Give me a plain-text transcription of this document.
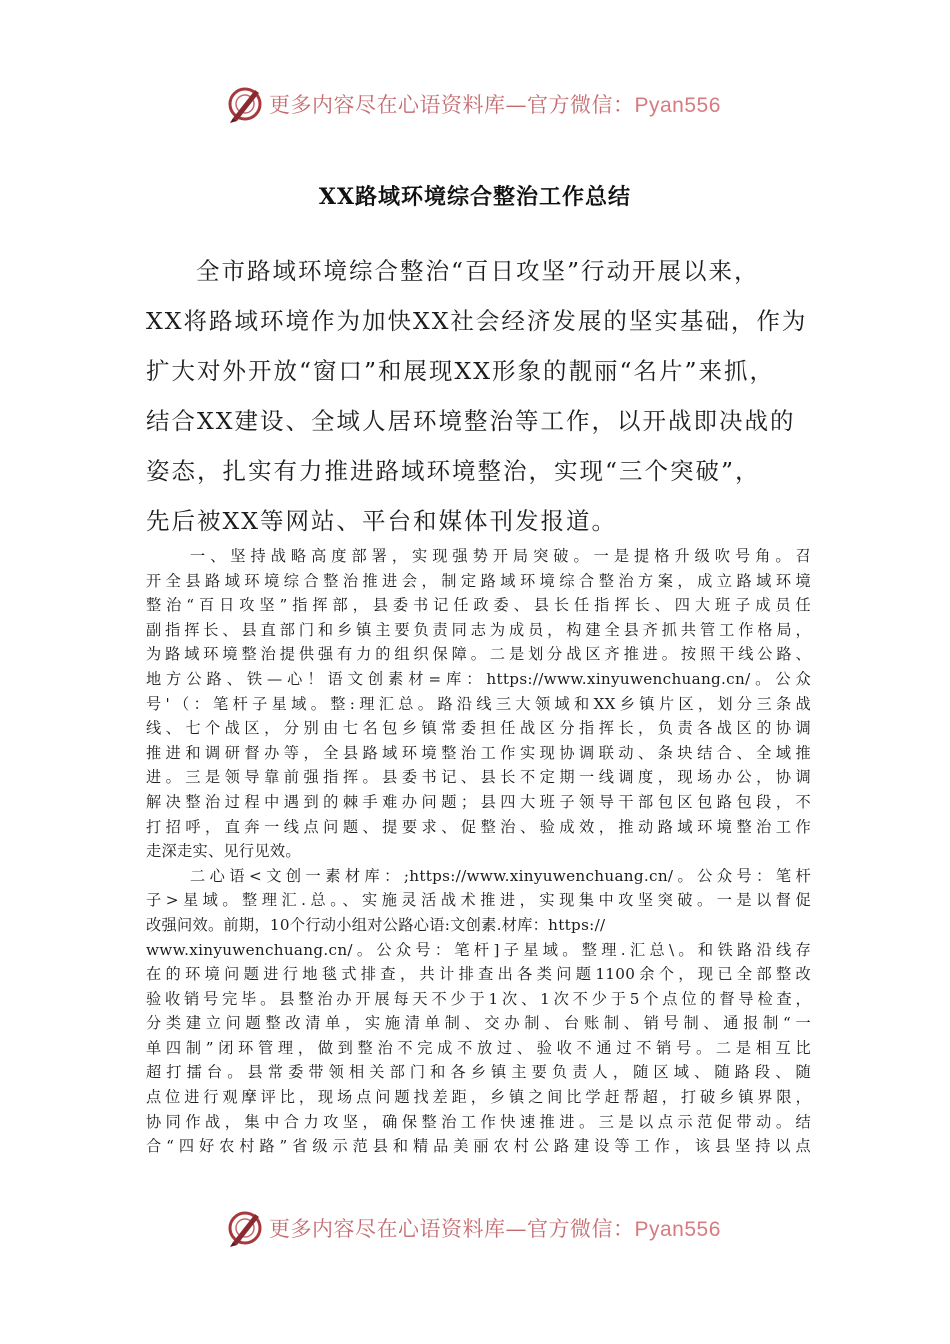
更多内容尽在心语资料库—官方微信：Pyan556
XX路域环境综合整治工作总结
全市路域环境综合整治“百日攻坚”行动开展以来，
XX将路域环境作为加快XX社会经济发展的坚实基础，作为
扩大对外开放“窗口”和展现XX形象的靓丽“名片”来抓，
结合XX建设、全域人居环境整治等工作，以开战即决战的
姿态，扎实有力推进路域环境整治，实现“三个突破”，
先后被XX等网站、平台和媒体刊发报道。
一、坚持战略高度部署，实现强势开局突破。一是提格升级吹号角。召
开全县路域环境综合整治推进会，制定路域环境综合整治方案，成立路域环境
整治“百日攻坚”指挥部，县委书记任政委、县长任指挥长、四大班子成员任
副指挥长、县直部门和乡镇主要负责同志为成员，构建全县齐抓共管工作格局，
为路域环境整治提供强有力的组织保障。二是划分战区齐推进。按照干线公路、
地方公路、铁—心！语文创素材=库：https://www.xinyuwenchuang.cn/。公众
号'（：笔杆子星域。整:理汇总。路沿线三大领域和XX乡镇片区，划分三条战
线、七个战区，分别由七名包乡镇常委担任战区分指挥长，负责各战区的协调
推进和调研督办等，全县路域环境整治工作实现协调联动、条块结合、全域推
进。三是领导靠前强指挥。县委书记、县长不定期一线调度，现场办公，协调
解决整治过程中遇到的棘手难办问题；县四大班子领导干部包区包路包段，不
打招呼，直奔一线点问题、提要求、促整治、验成效，推动路域环境整治工作
走深走实、见行见效。
二心语<文创一素材库：;https://www.xinyuwenchuang.cn/。公众号：笔杆
子>星域。整理汇.总。、实施灵活战术推进，实现集中攻坚突破。一是以督促
改强问效。前期，10个行动小组对公路心语:文创素.材库：https://
www.xinyuwenchuang.cn/。公众号：笔杆]子星域。整理.汇总\。和铁路沿线存
在的环境问题进行地毯式排查，共计排查出各类问题1100余个，现已全部整改
验收销号完毕。县整治办开展每天不少于1次、1次不少于5个点位的督导检查，
分类建立问题整改清单，实施清单制、交办制、台账制、销号制、通报制“一
单四制”闭环管理，做到整治不完成不放过、验收不通过不销号。二是相互比
超打擂台。县常委带领相关部门和各乡镇主要负责人，随区域、随路段、随
点位进行观摩评比，现场点问题找差距，乡镇之间比学赶帮超，打破乡镇界限，
协同作战，集中合力攻坚，确保整治工作快速推进。三是以点示范促带动。结
合“四好农村路”省级示范县和精品美丽农村公路建设等工作，该县坚持以点
更多内容尽在心语资料库—官方微信：Pyan556
